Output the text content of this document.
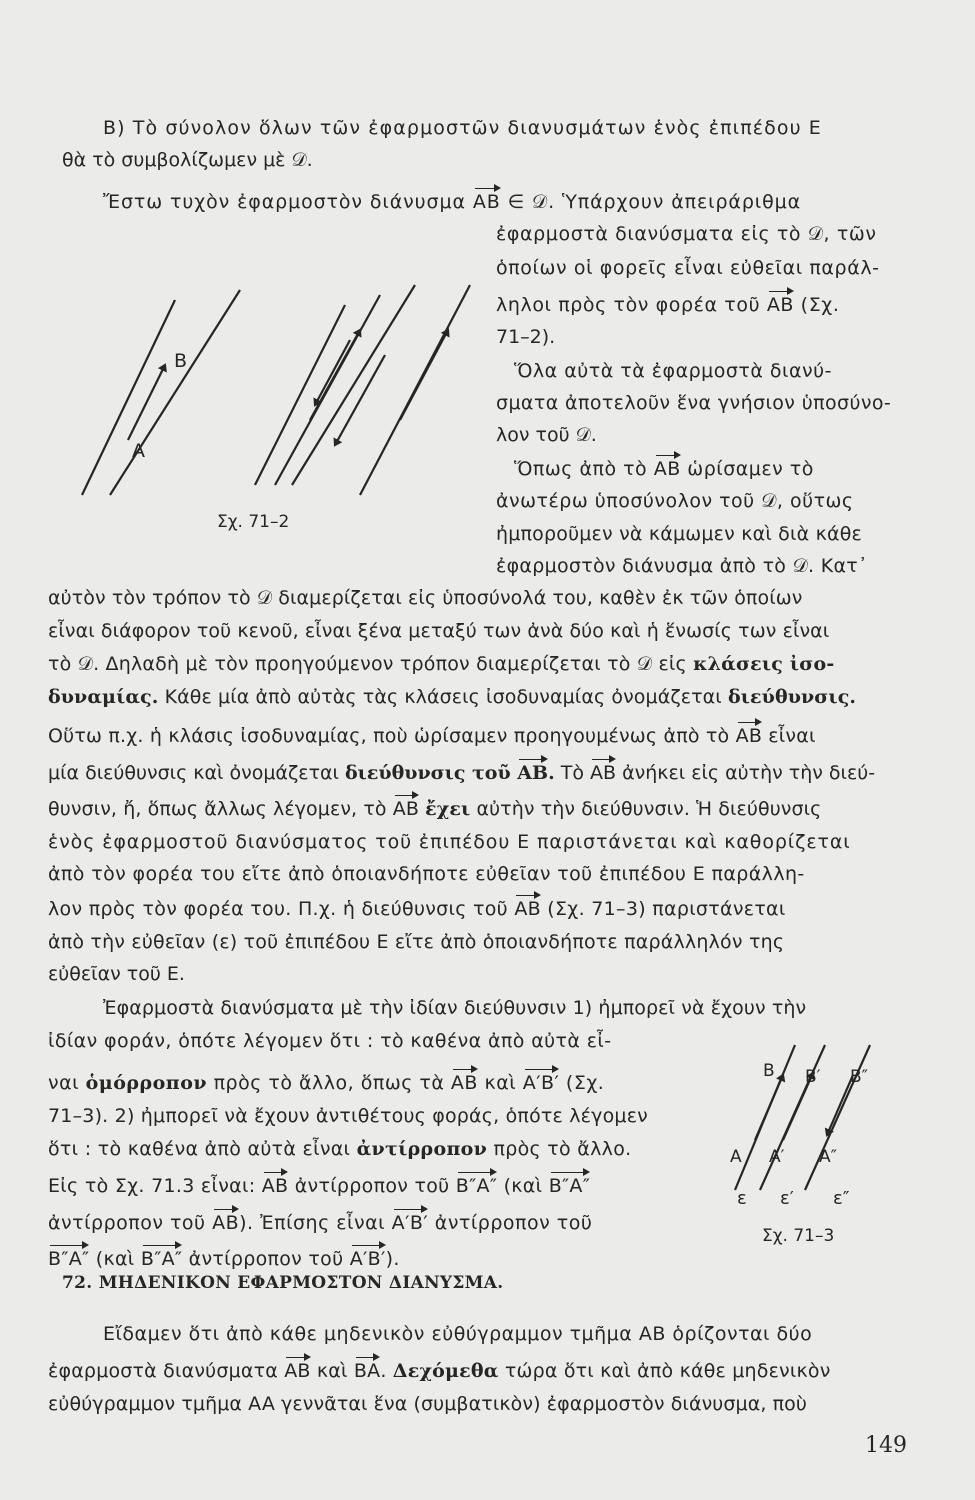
B) Τὸ σύνολον ὅλων τῶν ἐφαρμοστῶν διανυσμάτων ἑνὸς ἐπιπέδου Ε
θὰ τὸ συμβολίζωμεν μὲ 𝒟.
Ἔστω τυχὸν ἐφαρμοστὸν διάνυσμα AB ∈ 𝒟. Ὑπάρχουν ἀπειράριθμα
ἐφαρμοστὰ διανύσματα εἰς τὸ 𝒟, τῶν
ὁποίων οἱ φορεῖς εἶναι εὐθεῖαι παράλ-
ληλοι πρὸς τὸν φορέα τοῦ AB (Σχ.
71–2).
Ὅλα αὐτὰ τὰ ἐφαρμοστὰ διανύ-
σματα ἀποτελοῦν ἕνα γνήσιον ὑποσύνο-
λον τοῦ 𝒟.
Ὅπως ἀπὸ τὸ AB ὡρίσαμεν τὸ
ἀνωτέρω ὑποσύνολον τοῦ 𝒟, οὕτως
ἠμποροῦμεν νὰ κάμωμεν καὶ διὰ κάθε
ἐφαρμοστὸν διάνυσμα ἀπὸ τὸ 𝒟. Κατ᾽
αὐτὸν τὸν τρόπον τὸ 𝒟 διαμερίζεται εἰς ὑποσύνολά του, καθὲν ἐκ τῶν ὁποίων
εἶναι διάφορον τοῦ κενοῦ, εἶναι ξένα μεταξύ των ἀνὰ δύο καὶ ἡ ἕνωσίς των εἶναι
τὸ 𝒟. Δηλαδὴ μὲ τὸν προηγούμενον τρόπον διαμερίζεται τὸ 𝒟 εἰς κλάσεις ἰσο-
δυναμίας. Κάθε μία ἀπὸ αὐτὰς τὰς κλάσεις ἰσοδυναμίας ὀνομάζεται διεύθυνσις.
Οὕτω π.χ. ἡ κλάσις ἰσοδυναμίας, ποὺ ὡρίσαμεν προηγουμένως ἀπὸ τὸ AB εἶναι
μία διεύθυνσις καὶ ὀνομάζεται διεύθυνσις τοῦ AB. Τὸ AB ἀνήκει εἰς αὐτὴν τὴν διεύ-
θυνσιν, ἤ, ὅπως ἄλλως λέγομεν, τὸ AB ἔχει αὐτὴν τὴν διεύθυνσιν. Ἡ διεύθυνσις
ἑνὸς ἐφαρμοστοῦ διανύσματος τοῦ ἐπιπέδου Ε παριστάνεται καὶ καθορίζεται
ἀπὸ τὸν φορέα του εἴτε ἀπὸ ὁποιανδήποτε εὐθεῖαν τοῦ ἐπιπέδου Ε παράλλη-
λον πρὸς τὸν φορέα του. Π.χ. ἡ διεύθυνσις τοῦ AB (Σχ. 71–3) παριστάνεται
ἀπὸ τὴν εὐθεῖαν (ε) τοῦ ἐπιπέδου Ε εἴτε ἀπὸ ὁποιανδήποτε παράλληλόν της
εὐθεῖαν τοῦ Ε.
Ἐφαρμοστὰ διανύσματα μὲ τὴν ἰδίαν διεύθυνσιν 1) ἠμπορεῖ νὰ ἔχουν τὴν
ἰδίαν φοράν, ὁπότε λέγομεν ὅτι : τὸ καθένα ἀπὸ αὐτὰ εἶ-
ναι ὁμόρροπον πρὸς τὸ ἄλλο, ὅπως τὰ AB καὶ A′B′ (Σχ.
71–3). 2) ἠμπορεῖ νὰ ἔχουν ἀντιθέτους φοράς, ὁπότε λέγομεν
ὅτι : τὸ καθένα ἀπὸ αὐτὰ εἶναι ἀντίρροπον πρὸς τὸ ἄλλο.
Εἰς τὸ Σχ. 71.3 εἶναι: AB ἀντίρροπον τοῦ B″A″ (καὶ B″A″
ἀντίρροπον τοῦ AB). Ἐπίσης εἶναι A′B′ ἀντίρροπον τοῦ
B″A″ (καὶ B″A″ ἀντίρροπον τοῦ A′B′).
Εἴδαμεν ὅτι ἀπὸ κάθε μηδενικὸν εὐθύγραμμον τμῆμα AB ὁρίζονται δύο
ἐφαρμοστὰ διανύσματα AB καὶ BA. Δεχόμεθα τώρα ὅτι καὶ ἀπὸ κάθε μηδενικὸν
εὐθύγραμμον τμῆμα AA γεννᾶται ἕνα (συμβατικὸν) ἐφαρμοστὸν διάνυσμα, ποὺ
72. ΜΗΔΕΝΙΚΟΝ ΕΦΑΡΜΟΣΤΟΝ ΔΙΑΝΥΣΜΑ.
149
A
B
Σχ. 71–2
B B′ B″
A A′ A″
ε ε′ ε″
Σχ. 71–3
